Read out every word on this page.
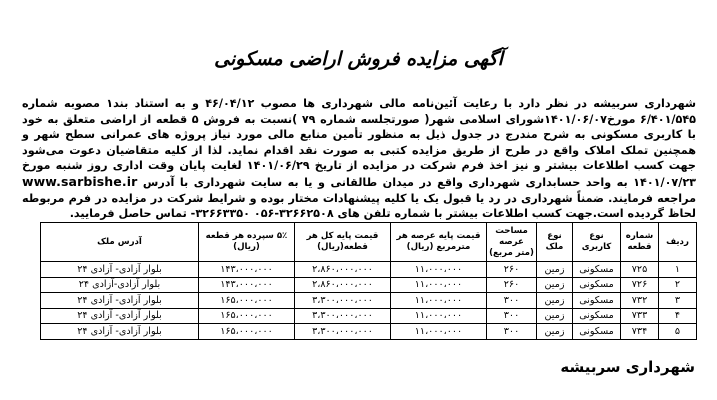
آگهی مزایده فروش اراضی مسکونی

شهرداری سربیشه در نظر دارد با رعایت آئین‌نامه مالی شهرداری ها مصوب ۴۶/۰۴/۱۲ و به استناد بند۱ مصوبه شماره ۶/۴۰۱/۵۴۵ مورخ۱۴۰۱/۰۶/۰۷شورای اسلامی شهر( صورتجلسه شماره ۷۹ )نسبت به فروش ۵ قطعه از اراضی متعلق به خود با کاربری مسکونی به شرح مندرج در جدول ذیل به منظور تأمین منابع مالی مورد نیاز پروژه های عمرانی سطح شهر و همچنین تملک املاک واقع در طرح از طریق مزایده کتبی به صورت نقد اقدام نماید. لذا از کلیه متقاضیان دعوت می‌شود جهت کسب اطلاعات بیشتر و نیز اخذ فرم شرکت در مزایده از تاریخ ۱۴۰۱/۰۶/۲۹ لغایت پایان وقت اداری روز شنبه مورخ ۱۴۰۱/۰۷/۲۳ به واحد حسابداری شهرداری واقع در میدان طالقانی و یا به سایت شهرداری با آدرس www.sarbishe.ir مراجعه فرمایند. ضمناً شهرداری در رد یا قبول یک یا کلیه پیشنهادات مختار بوده و شرایط شرکت در مزایده در فرم مربوطه لحاظ گردیده است.جهت کسب اطلاعات بیشتر با شماره تلفن های ۳۲۶۶۲۵۰۸-۰۵۶ ۳۲۶۶۳۳۵۰- تماس حاصل فرمایید.

ردیف	شماره قطعه	نوع کاربری	نوع ملک	مساحت عرصه (متر مربع)	قیمت پایه عرصه هر مترمربع (ریال)	قیمت پایه کل هر قطعه(ریال)	۵٪ سپرده هر قطعه (ریال)	آدرس ملک
۱	۷۲۵	مسکونی	زمین	۲۶۰	۱۱،۰۰۰،۰۰۰	۲،۸۶۰،۰۰۰،۰۰۰	۱۴۳،۰۰۰،۰۰۰	بلوار آزادی- آزادی ۲۴
۲	۷۲۶	مسکونی	زمین	۲۶۰	۱۱،۰۰۰،۰۰۰	۲،۸۶۰،۰۰۰،۰۰۰	۱۴۳،۰۰۰،۰۰۰	بلوار آزادی-آزادی ۲۴
۳	۷۳۲	مسکونی	زمین	۳۰۰	۱۱،۰۰۰،۰۰۰	۳،۳۰۰،۰۰۰،۰۰۰	۱۶۵،۰۰۰،۰۰۰	بلوار آزادی- آزادی ۲۴
۴	۷۳۳	مسکونی	زمین	۳۰۰	۱۱،۰۰۰،۰۰۰	۳،۳۰۰،۰۰۰،۰۰۰	۱۶۵،۰۰۰،۰۰۰	بلوار آزادی- آزادی ۲۴
۵	۷۳۴	مسکونی	زمین	۳۰۰	۱۱،۰۰۰،۰۰۰	۳،۳۰۰،۰۰۰،۰۰۰	۱۶۵،۰۰۰،۰۰۰	بلوار آزادی- آزادی ۲۴
شهرداری سربیشه
